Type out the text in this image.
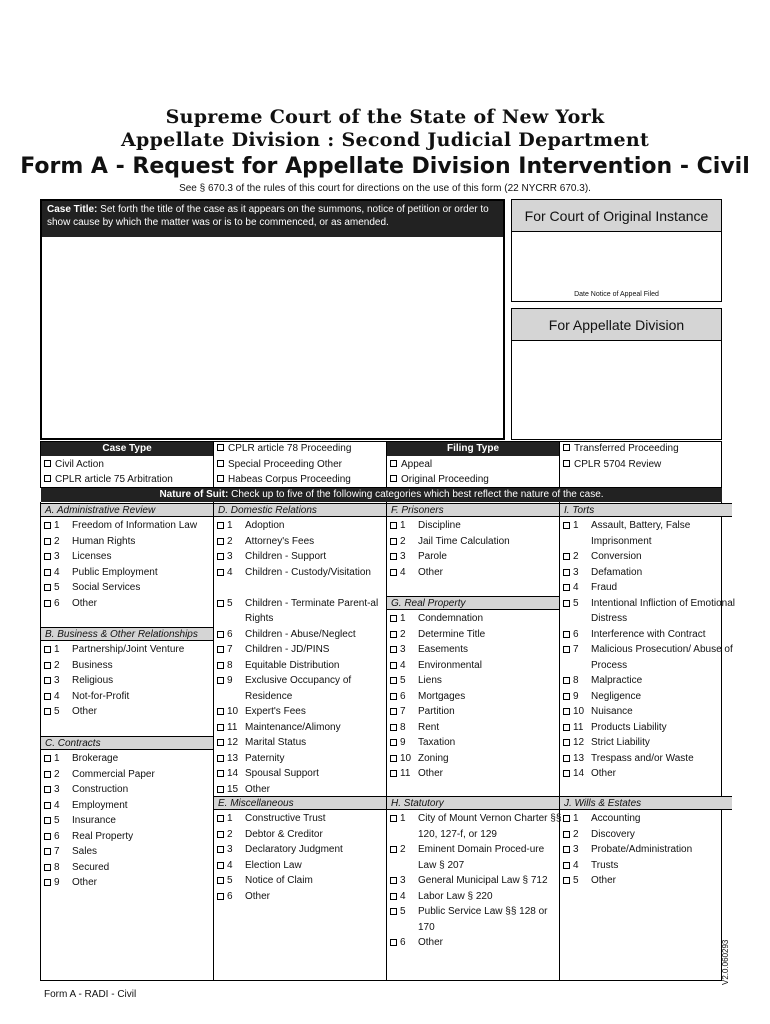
Supreme Court of the State of New York
Appellate Division : Second Judicial Department
Form A - Request for Appellate Division Intervention - Civil
See § 670.3 of the rules of this court for directions on the use of this form (22 NYCRR 670.3).
Case Title: Set forth the title of the case as it appears on the summons, notice of petition or order to show cause by which the matter was or is to be commenced, or as amended.	For Court of Original Instance
Date Notice of Appeal Filed
For Appellate Division
Case Type
Civil Action
CPLR article 75 Arbitration
CPLR article 78 Proceeding
Special Proceeding Other
Habeas Corpus Proceeding
Filing Type
Appeal
Original Proceeding
Transferred Proceeding
CPLR 5704 Review
Nature of Suit: Check up to five of the following categories which best reflect the nature of the case.
A. Administrative Review
1 Freedom of Information Law
2 Human Rights
3 Licenses
4 Public Employment
5 Social Services
6 Other
B. Business & Other Relationships
1 Partnership/Joint Venture
2 Business
3 Religious
4 Not-for-Profit
5 Other
C. Contracts
1 Brokerage
2 Commercial Paper
3 Construction
4 Employment
5 Insurance
6 Real Property
7 Sales
8 Secured
9 Other
D. Domestic Relations
1 Adoption
2 Attorney's Fees
3 Children - Support
4 Children - Custody/Visitation
5 Children - Terminate Parent-al Rights
6 Children - Abuse/Neglect
7 Children - JD/PINS
8 Equitable Distribution
9 Exclusive Occupancy of Residence
10 Expert's Fees
11 Maintenance/Alimony
12 Marital Status
13 Paternity
14 Spousal Support
15 Other
E. Miscellaneous
1 Constructive Trust
2 Debtor & Creditor
3 Declaratory Judgment
4 Election Law
5 Notice of Claim
6 Other
F. Prisoners
1 Discipline
2 Jail Time Calculation
3 Parole
4 Other
G. Real Property
1 Condemnation
2 Determine Title
3 Easements
4 Environmental
5 Liens
6 Mortgages
7 Partition
8 Rent
9 Taxation
10 Zoning
11 Other
H. Statutory
1 City of Mount Vernon Charter §§ 120, 127-f, or 129
2 Eminent Domain Proced-ure Law § 207
3 General Municipal Law § 712
4 Labor Law § 220
5 Public Service Law §§ 128 or 170
6 Other
I. Torts
1 Assault, Battery, False Imprisonment
2 Conversion
3 Defamation
4 Fraud
5 Intentional Infliction of Emotional Distress
6 Interference with Contract
7 Malicious Prosecution/ Abuse of Process
8 Malpractice
9 Negligence
10 Nuisance
11 Products Liability
12 Strict Liability
13 Trespass and/or Waste
14 Other
J. Wills & Estates
1 Accounting
2 Discovery
3 Probate/Administration
4 Trusts
5 Other
Form A - RADI - Civil
V2.0.060293
